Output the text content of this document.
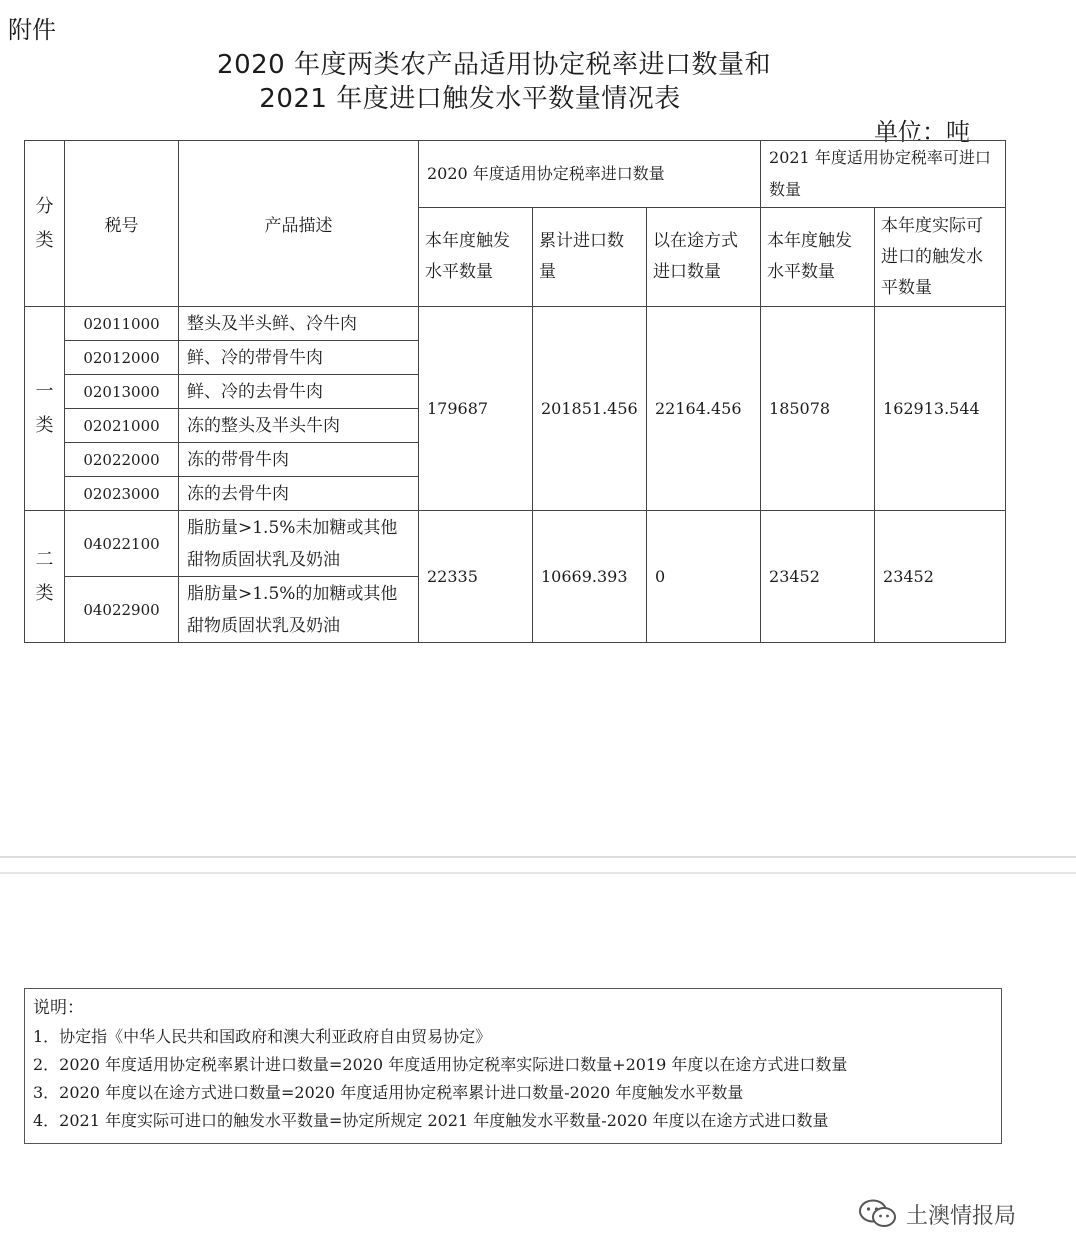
附件
2020 年度两类农产品适用协定税率进口数量和
2021 年度进口触发水平数量情况表
单位：吨
分类	税号	产品描述	2020 年度适用协定税率进口数量			2021 年度适用协定税率可进口数量	
			本年度触发水平数量	累计进口数量	以在途方式进口数量	本年度触发水平数量	本年度实际可进口的触发水平数量
一类	02011000	整头及半头鲜、冷牛肉	179687	201851.456	22164.456	185078	162913.544
	02012000	鲜、冷的带骨牛肉					
	02013000	鲜、冷的去骨牛肉					
	02021000	冻的整头及半头牛肉					
	02022000	冻的带骨牛肉					
	02023000	冻的去骨牛肉					
二类	04022100	脂肪量>1.5%未加糖或其他甜物质固状乳及奶油	22335	10669.393	0	23452	23452
	04022900	脂肪量>1.5%的加糖或其他甜物质固状乳及奶油					
说明：
1．协定指《中华人民共和国政府和澳大利亚政府自由贸易协定》
2．2020 年度适用协定税率累计进口数量=2020 年度适用协定税率实际进口数量+2019 年度以在途方式进口数量
3．2020 年度以在途方式进口数量=2020 年度适用协定税率累计进口数量-2020 年度触发水平数量
4．2021 年度实际可进口的触发水平数量=协定所规定 2021 年度触发水平数量-2020 年度以在途方式进口数量
土澳情报局
